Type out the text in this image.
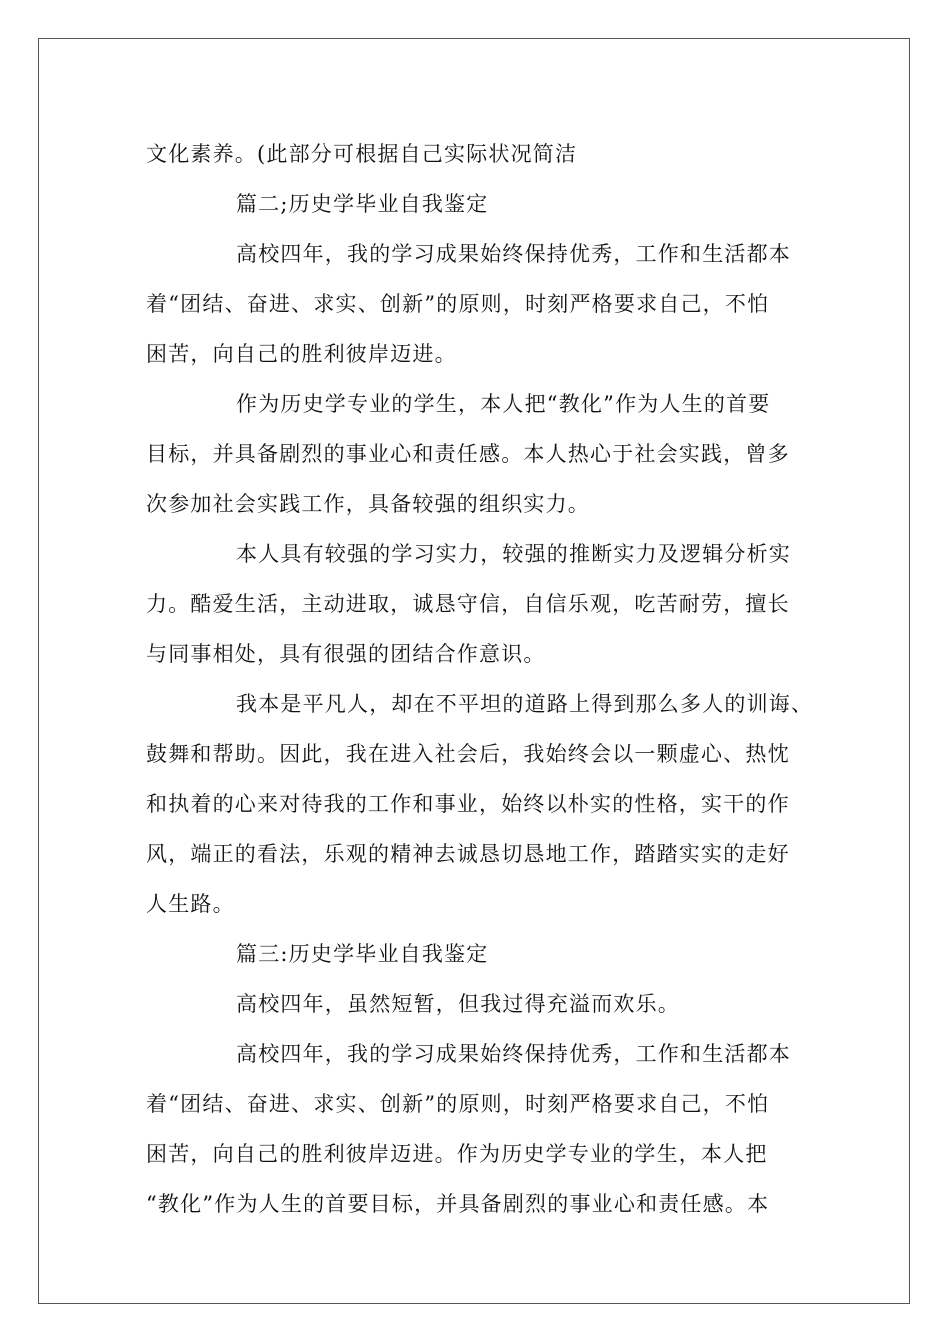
文化素养。(此部分可根据自己实际状况简洁
篇二;历史学毕业自我鉴定
高校四年，我的学习成果始终保持优秀，工作和生活都本
着“团结、奋进、求实、创新”的原则，时刻严格要求自己，不怕
困苦，向自己的胜利彼岸迈进。
作为历史学专业的学生，本人把“教化”作为人生的首要
目标，并具备剧烈的事业心和责任感。本人热心于社会实践，曾多
次参加社会实践工作，具备较强的组织实力。
本人具有较强的学习实力，较强的推断实力及逻辑分析实
力。酷爱生活，主动进取，诚恳守信，自信乐观，吃苦耐劳，擅长
与同事相处，具有很强的团结合作意识。
我本是平凡人，却在不平坦的道路上得到那么多人的训诲、
鼓舞和帮助。因此，我在进入社会后，我始终会以一颗虚心、热忱
和执着的心来对待我的工作和事业，始终以朴实的性格，实干的作
风，端正的看法，乐观的精神去诚恳切恳地工作，踏踏实实的走好
人生路。
篇三:历史学毕业自我鉴定
高校四年，虽然短暂，但我过得充溢而欢乐。
高校四年，我的学习成果始终保持优秀，工作和生活都本
着“团结、奋进、求实、创新”的原则，时刻严格要求自己，不怕
困苦，向自己的胜利彼岸迈进。作为历史学专业的学生，本人把
“教化”作为人生的首要目标，并具备剧烈的事业心和责任感。本
